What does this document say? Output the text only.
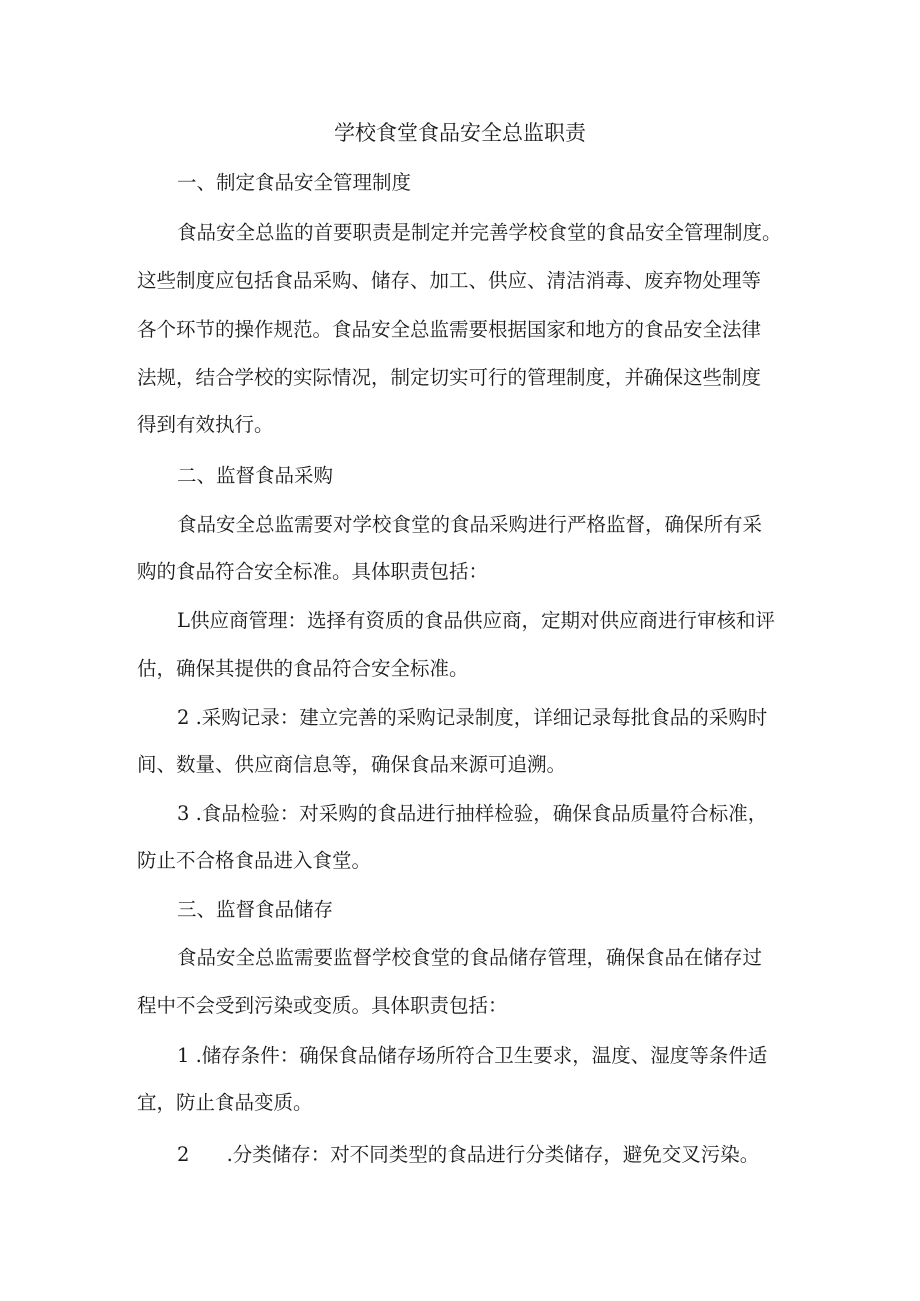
学校食堂食品安全总监职责
一、制定食品安全管理制度
食品安全总监的首要职责是制定并完善学校食堂的食品安全管理制度。
这些制度应包括食品采购、储存、加工、供应、清洁消毒、废弃物处理等
各个环节的操作规范。食品安全总监需要根据国家和地方的食品安全法律
法规，结合学校的实际情况，制定切实可行的管理制度，并确保这些制度
得到有效执行。
二、监督食品采购
食品安全总监需要对学校食堂的食品采购进行严格监督，确保所有采
购的食品符合安全标准。具体职责包括：
L供应商管理：选择有资质的食品供应商，定期对供应商进行审核和评
估，确保其提供的食品符合安全标准。
2 .采购记录：建立完善的采购记录制度，详细记录每批食品的采购时
间、数量、供应商信息等，确保食品来源可追溯。
3 .食品检验：对采购的食品进行抽样检验，确保食品质量符合标准，
防止不合格食品进入食堂。
三、监督食品储存
食品安全总监需要监督学校食堂的食品储存管理，确保食品在储存过
程中不会受到污染或变质。具体职责包括：
1 .储存条件：确保食品储存场所符合卫生要求，温度、湿度等条件适
宜，防止食品变质。
2      .分类储存：对不同类型的食品进行分类储存，避免交叉污染。
